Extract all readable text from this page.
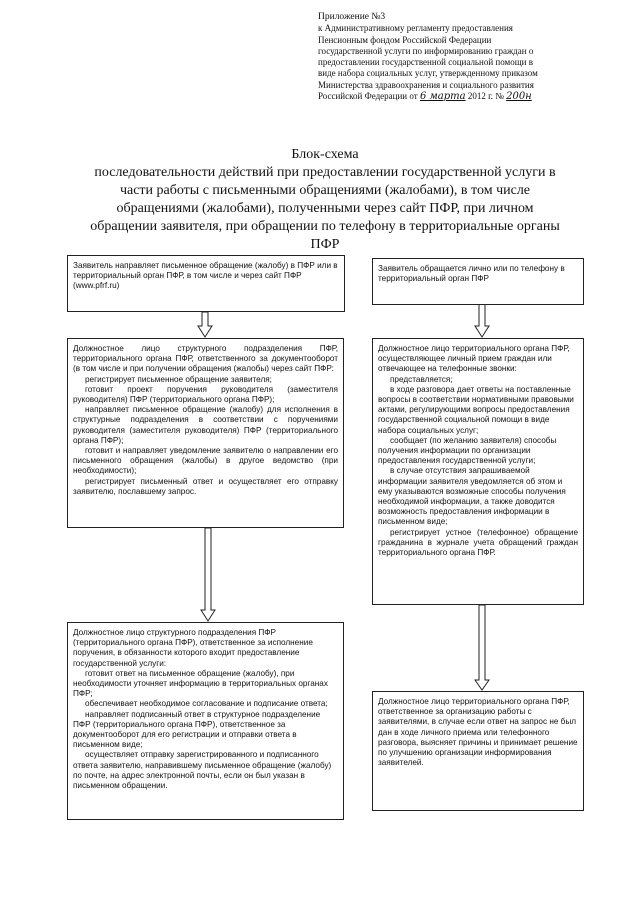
Приложение №3
к Административному регламенту предоставления
Пенсионным фондом Российской Федерации
государственной услуги по информированию граждан о
предоставлении государственной социальной помощи в
виде набора социальных услуг, утвержденному приказом
Министерства здравоохранения и социального развития
Российской Федерации от 6 марта 2012 г. № 200н
Блок-схема
последовательности действий при предоставлении государственной услуги в
части работы с письменными обращениями (жалобами), в том числе
обращениями (жалобами), полученными через сайт ПФР, при личном
обращении заявителя, при обращении по телефону в территориальные органы
ПФР
Заявитель направляет письменное обращение (жалобу) в ПФР или в территориальный орган ПФР, в том числе и через сайт ПФР (www.pfrf.ru)
Заявитель обращается лично или по телефону в территориальный орган ПФР
Должностное лицо структурного подразделения ПФР, территориального органа ПФР, ответственного за документооборот (в том числе и при получении обращения (жалобы) через сайт ПФР:
регистрирует письменное обращение заявителя;
готовит проект поручения руководителя (заместителя руководителя) ПФР (территориального органа ПФР);
направляет письменное обращение (жалобу) для исполнения в структурные подразделения в соответствии с поручениями руководителя (заместителя руководителя) ПФР (территориального органа ПФР);
готовит и направляет уведомление заявителю о направлении его письменного обращения (жалобы) в другое ведомство (при необходимости);
регистрирует письменный ответ и осуществляет его отправку заявителю, пославшему запрос.
Должностное лицо территориального органа ПФР, осуществляющее личный прием граждан или отвечающее на телефонные звонки:
представляется;
в ходе разговора дает ответы на поставленные вопросы в соответствии нормативными правовыми актами, регулирующими вопросы предоставления государственной социальной помощи в виде набора социальных услуг;
сообщает (по желанию заявителя) способы получения информации по организации предоставления государственной услуги;
в случае отсутствия запрашиваемой информации заявителя уведомляется об этом и ему указываются возможные способы получения необходимой информации, а также доводится возможность предоставления информации в письменном виде;
регистрирует устное (телефонное) обращение гражданина в журнале учета обращений граждан территориального органа ПФР.
Должностное лицо структурного подразделения ПФР (территориального органа ПФР), ответственное за исполнение поручения, в обязанности которого входит предоставление государственной услуги:
готовит ответ на письменное обращение (жалобу), при необходимости уточняет информацию в территориальных органах ПФР;
обеспечивает необходимое согласование и подписание ответа;
направляет подписанный ответ в структурное подразделение ПФР (территориального органа ПФР), ответственное за документооборот для его регистрации и отправки ответа в письменном виде;
осуществляет отправку зарегистрированного и подписанного ответа заявителю, направившему письменное обращение (жалобу) по почте, на адрес электронной почты, если он был указан в письменном обращении.
Должностное лицо территориального органа ПФР, ответственное за организацию работы с заявителями, в случае если ответ на запрос не был дан в ходе личного приема или телефонного разговора, выясняет причины и принимает решение по улучшению организации информирования заявителей.
